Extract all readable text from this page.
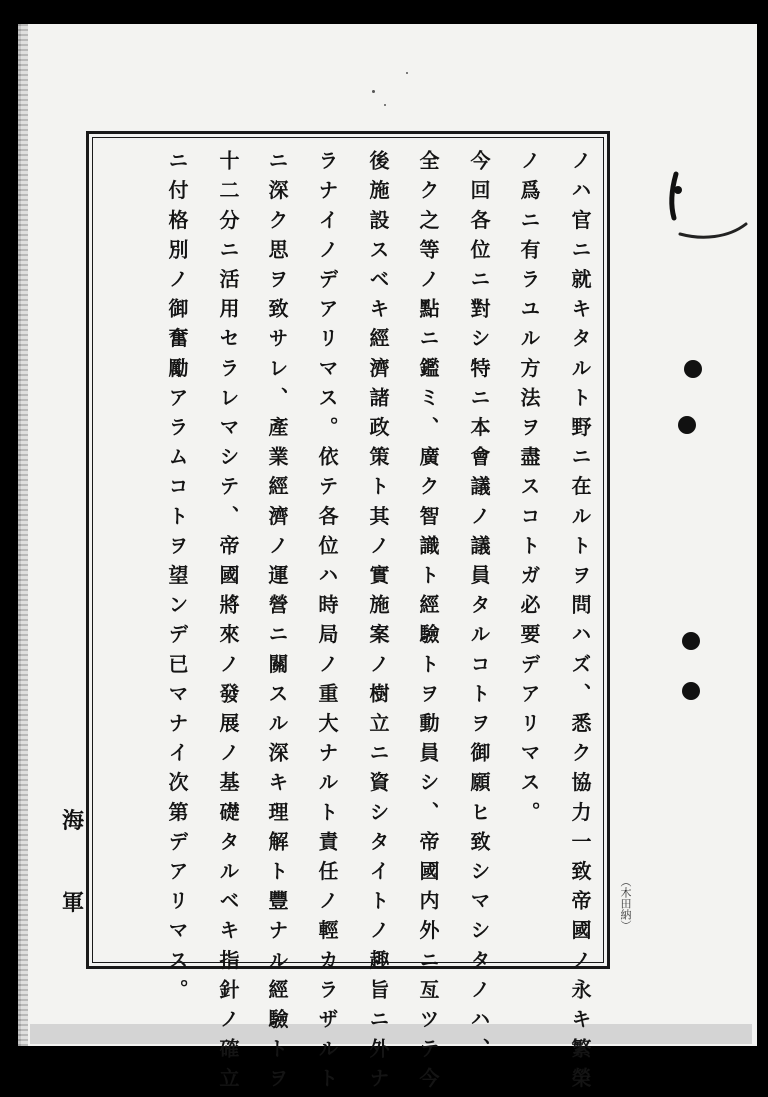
ノハ官ニ就キタルト野ニ在ルトヲ問ハズ、悉ク協力一致帝國ノ永キ繁榮
ノ爲ニ有ラユル方法ヲ盡スコトガ必要デアリマス。
今回各位ニ對シ特ニ本會議ノ議員タルコトヲ御願ヒ致シマシタノハ、
全ク之等ノ點ニ鑑ミ、廣ク智識ト經驗トヲ動員シ、帝國内外ニ亙ツテ今
後施設スベキ經濟諸政策ト其ノ實施案ノ樹立ニ資シタイトノ趣旨ニ外ナ
ラナイノデアリマス。依テ各位ハ時局ノ重大ナルト責任ノ輕カラザルト
ニ深ク思ヲ致サレ、產業經濟ノ運營ニ關スル深キ理解ト豐ナル經驗トヲ
十二分ニ活用セラレマシテ、帝國將來ノ發展ノ基礎タルベキ指針ノ確立
ニ付格別ノ御奮勵アラムコトヲ望ンデ已マナイ次第デアリマス。
海
軍	（木田納）
